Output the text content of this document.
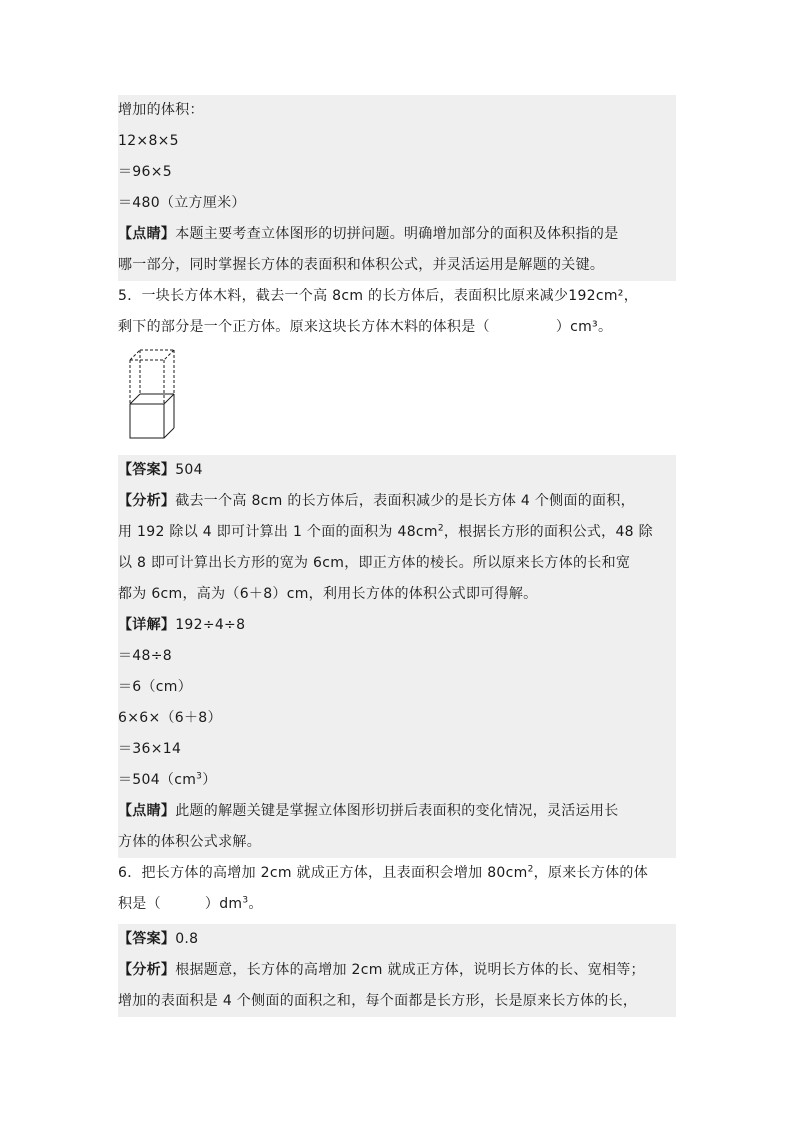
增加的体积：
12×8×5
＝96×5
＝480（立方厘米）
【点睛】本题主要考查立体图形的切拼问题。明确增加部分的面积及体积指的是
哪一部分，同时掌握长方体的表面积和体积公式，并灵活运用是解题的关键。
5．一块长方体木料，截去一个高 8cm 的长方体后，表面积比原来减少192cm²，
剩下的部分是一个正方体。原来这块长方体木料的体积是（	）cm³。
【答案】504
【分析】截去一个高 8cm 的长方体后，表面积减少的是长方体 4 个侧面的面积，
用 192 除以 4 即可计算出 1 个面的面积为 $48cm^2$，根据长方形的面积公式，48 除
以 8 即可计算出长方形的宽为 6cm，即正方体的棱长。所以原来长方体的长和宽
都为 6cm，高为（6＋8）cm，利用长方体的体积公式即可得解。
【详解】192÷4÷8
＝48÷8
＝6（cm）
6×6×（6＋8）
＝36×14
$=504(cm^3)$
【点睛】此题的解题关键是掌握立体图形切拼后表面积的变化情况，灵活运用长
方体的体积公式求解。
6．把长方体的高增加 2cm 就成正方体，且表面积会增加 $80cm^2$，原来长方体的体
积是（	）$dm^3$。
【答案】0.8
【分析】根据题意，长方体的高增加 2cm 就成正方体，说明长方体的长、宽相等；
增加的表面积是 4 个侧面的面积之和，每个面都是长方形，长是原来长方体的长，
